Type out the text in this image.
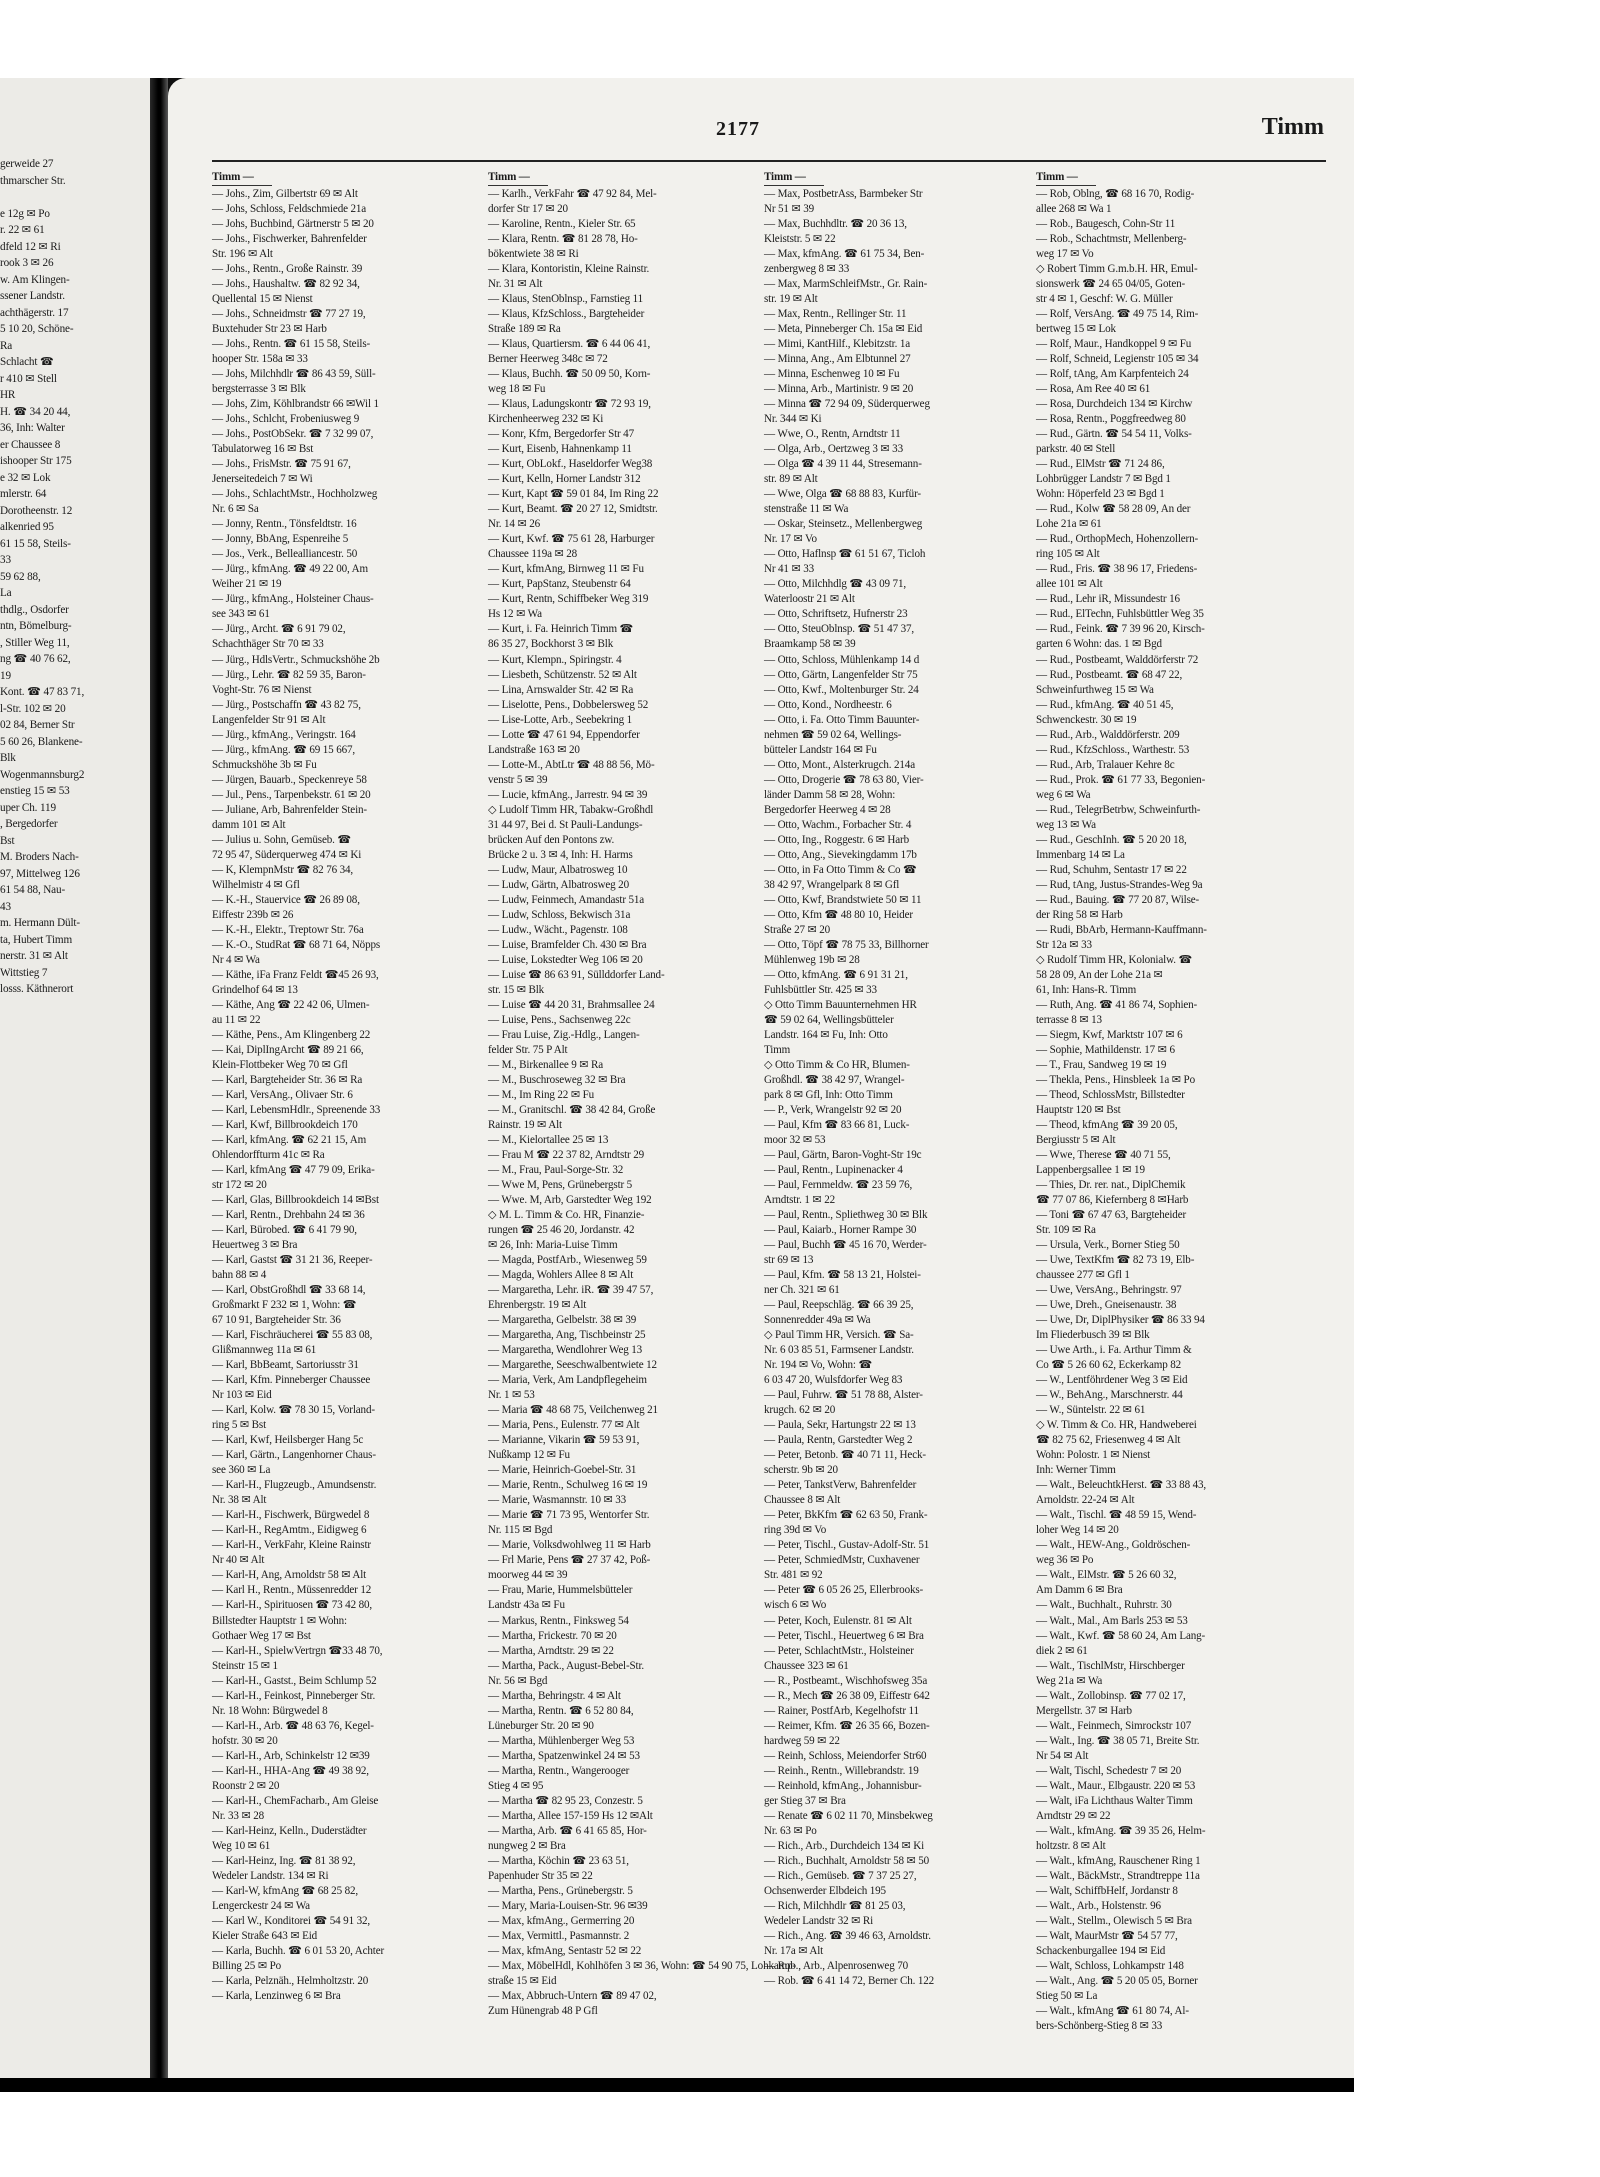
gerweide 27
thmarscher Str.

e 12g ✉ Po
r. 22 ✉ 61
dfeld 12 ✉ Ri
rook 3 ✉ 26
w. Am Klingen-
ssener Landstr.
achthägerstr. 17
5 10 20, Schöne-
Ra
Schlacht ☎
r 410 ✉ Stell
HR
H. ☎ 34 20 44,
36, Inh: Walter
er Chaussee 8
ishooper Str 175
e 32 ✉ Lok
mlerstr. 64
Dorotheenstr. 12
alkenried 95
61 15 58, Steils-
33
59 62 88,
La
thdlg., Osdorfer
ntn, Bömelburg-
, Stiller Weg 11,
ng ☎ 40 76 62,
19
Kont. ☎ 47 83 71,
l-Str. 102 ✉ 20
02 84, Berner Str
5 60 26, Blankene-
Blk
Wogenmannsburg2
enstieg 15 ✉ 53
uper Ch. 119
, Bergedorfer
Bst
M. Broders Nach-
97, Mittelweg 126
61 54 88, Nau-
43
m. Hermann Dült-
ta, Hubert Timm
nerstr. 31 ✉ Alt
Wittstieg 7
losss. Käthnerort
2177	Timm
Timm —
— Johs., Zim, Gilbertstr 69 ✉ Alt
— Johs, Schloss, Feldschmiede 21a
— Johs, Buchbind, Gärtnerstr 5 ✉ 20
— Johs., Fischwerker, Bahrenfelder
Str. 196 ✉ Alt
— Johs., Rentn., Große Rainstr. 39
— Johs., Haushaltw. ☎ 82 92 34,
Quellental 15 ✉ Nienst
— Johs., Schneidmstr ☎ 77 27 19,
Buxtehuder Str 23 ✉ Harb
— Johs., Rentn. ☎ 61 15 58, Steils-
hooper Str. 158a ✉ 33
— Johs, Milchhdlr ☎ 86 43 59, Süll-
bergsterrasse 3 ✉ Blk
— Johs, Zim, Köhlbrandstr 66 ✉Wil 1
— Johs., Schlcht, Frobeniusweg 9
— Johs., PostObSekr. ☎ 7 32 99 07,
Tabulatorweg 16 ✉ Bst
— Johs., FrisMstr. ☎ 75 91 67,
Jenerseitedeich 7 ✉ Wi
— Johs., SchlachtMstr., Hochholzweg
Nr. 6 ✉ Sa
— Jonny, Rentn., Tönsfeldtstr. 16
— Jonny, BbAng, Espenreihe 5
— Jos., Verk., Bellealliancestr. 50
— Jürg., kfmAng. ☎ 49 22 00, Am
Weiher 21 ✉ 19
— Jürg., kfmAng., Holsteiner Chaus-
see 343 ✉ 61
— Jürg., Archt. ☎ 6 91 79 02,
Schachthäger Str 70 ✉ 33
— Jürg., HdlsVertr., Schmuckshöhe 2b
— Jürg., Lehr. ☎ 82 59 35, Baron-
Voght-Str. 76 ✉ Nienst
— Jürg., Postschaffn ☎ 43 82 75,
Langenfelder Str 91 ✉ Alt
— Jürg., kfmAng., Veringstr. 164
— Jürg., kfmAng. ☎ 69 15 667,
Schmuckshöhe 3b ✉ Fu
— Jürgen, Bauarb., Speckenreye 58
— Jul., Pens., Tarpenbekstr. 61 ✉ 20
— Juliane, Arb, Bahrenfelder Stein-
damm 101 ✉ Alt
— Julius u. Sohn, Gemüseb. ☎
72 95 47, Süderquerweg 474 ✉ Ki
— K, KlempnMstr ☎ 82 76 34,
Wilhelmistr 4 ✉ Gfl
— K.-H., Stauervice ☎ 26 89 08,
Eiffestr 239b ✉ 26
— K.-H., Elektr., Treptowr Str. 76a
— K.-O., StudRat ☎ 68 71 64, Nöpps
Nr 4 ✉ Wa
— Käthe, iFa Franz Feldt ☎45 26 93,
Grindelhof 64 ✉ 13
— Käthe, Ang ☎ 22 42 06, Ulmen-
au 11 ✉ 22
— Käthe, Pens., Am Klingenberg 22
— Kai, DiplIngArcht ☎ 89 21 66,
Klein-Flottbeker Weg 70 ✉ Gfl
— Karl, Bargteheider Str. 36 ✉ Ra
— Karl, VersAng., Olivaer Str. 6
— Karl, LebensmHdlr., Spreenende 33
— Karl, Kwf, Billbrookdeich 170
— Karl, kfmAng. ☎ 62 21 15, Am
Ohlendorffturm 41c ✉ Ra
— Karl, kfmAng ☎ 47 79 09, Erika-
str 172 ✉ 20
— Karl, Glas, Billbrookdeich 14 ✉Bst
— Karl, Rentn., Drehbahn 24 ✉ 36
— Karl, Bürobed. ☎ 6 41 79 90,
Heuertweg 3 ✉ Bra
— Karl, Gastst ☎ 31 21 36, Reeper-
bahn 88 ✉ 4
— Karl, ObstGroßhdl ☎ 33 68 14,
Großmarkt F 232 ✉ 1, Wohn: ☎
67 10 91, Bargteheider Str. 36
— Karl, Fischräucherei ☎ 55 83 08,
Glißmannweg 11a ✉ 61
— Karl, BbBeamt, Sartoriusstr 31
— Karl, Kfm. Pinneberger Chaussee
Nr 103 ✉ Eid
— Karl, Kolw. ☎ 78 30 15, Vorland-
ring 5 ✉ Bst
— Karl, Kwf, Heilsberger Hang 5c
— Karl, Gärtn., Langenhorner Chaus-
see 360 ✉ La
— Karl-H., Flugzeugb., Amundsenstr.
Nr. 38 ✉ Alt
— Karl-H., Fischwerk, Bürgwedel 8
— Karl-H., RegAmtm., Eidigweg 6
— Karl-H., VerkFahr, Kleine Rainstr
Nr 40 ✉ Alt
— Karl-H, Ang, Arnoldstr 58 ✉ Alt
— Karl H., Rentn., Müssenredder 12
— Karl-H., Spirituosen ☎ 73 42 80,
Billstedter Hauptstr 1 ✉ Wohn:
Gothaer Weg 17 ✉ Bst
— Karl-H., SpielwVertrgn ☎33 48 70,
Steinstr 15 ✉ 1
— Karl-H., Gastst., Beim Schlump 52
— Karl-H., Feinkost, Pinneberger Str.
Nr. 18 Wohn: Bürgwedel 8
— Karl-H., Arb. ☎ 48 63 76, Kegel-
hofstr. 30 ✉ 20
— Karl-H., Arb, Schinkelstr 12 ✉39
— Karl-H., HHA-Ang ☎ 49 38 92,
Roonstr 2 ✉ 20
— Karl-H., ChemFacharb., Am Gleise
Nr. 33 ✉ 28
— Karl-Heinz, Kelln., Duderstädter
Weg 10 ✉ 61
— Karl-Heinz, Ing. ☎ 81 38 92,
Wedeler Landstr. 134 ✉ Ri
— Karl-W, kfmAng ☎ 68 25 82,
Lengerckestr 24 ✉ Wa
— Karl W., Konditorei ☎ 54 91 32,
Kieler Straße 643 ✉ Eid
— Karla, Buchh. ☎ 6 01 53 20, Achter
Billing 25 ✉ Po
— Karla, Pelznäh., Helmholtzstr. 20
— Karla, Lenzinweg 6 ✉ Bra
Timm —
— Karlh., VerkFahr ☎ 47 92 84, Mel-
dorfer Str 17 ✉ 20
— Karoline, Rentn., Kieler Str. 65
— Klara, Rentn. ☎ 81 28 78, Ho-
bökentwiete 38 ✉ Ri
— Klara, Kontoristin, Kleine Rainstr.
Nr. 31 ✉ Alt
— Klaus, StenOblnsp., Farnstieg 11
— Klaus, KfzSchloss., Bargteheider
Straße 189 ✉ Ra
— Klaus, Quartiersm. ☎ 6 44 06 41,
Berner Heerweg 348c ✉ 72
— Klaus, Buchh. ☎ 50 09 50, Korn-
weg 18 ✉ Fu
— Klaus, Ladungskontr ☎ 72 93 19,
Kirchenheerweg 232 ✉ Ki
— Konr, Kfm, Bergedorfer Str 47
— Kurt, Eisenb, Hahnenkamp 11
— Kurt, ObLokf., Haseldorfer Weg38
— Kurt, Kelln, Horner Landstr 312
— Kurt, Kapt ☎ 59 01 84, Im Ring 22
— Kurt, Beamt. ☎ 20 27 12, Smidtstr.
Nr. 14 ✉ 26
— Kurt, Kwf. ☎ 75 61 28, Harburger
Chaussee 119a ✉ 28
— Kurt, kfmAng, Birnweg 11 ✉ Fu
— Kurt, PapStanz, Steubenstr 64
— Kurt, Rentn, Schiffbeker Weg 319
Hs 12 ✉ Wa
— Kurt, i. Fa. Heinrich Timm ☎
86 35 27, Bockhorst 3 ✉ Blk
— Kurt, Klempn., Spiringstr. 4
— Liesbeth, Schützenstr. 52 ✉ Alt
— Lina, Arnswalder Str. 42 ✉ Ra
— Liselotte, Pens., Dobbelersweg 52
— Lise-Lotte, Arb., Seebekring 1
— Lotte ☎ 47 61 94, Eppendorfer
Landstraße 163 ✉ 20
— Lotte-M., AbtLtr ☎ 48 88 56, Mö-
venstr 5 ✉ 39
— Lucie, kfmAng., Jarrestr. 94 ✉ 39
◇ Ludolf Timm HR, Tabakw-Großhdl
31 44 97, Bei d. St Pauli-Landungs-
brücken Auf den Pontons zw.
Brücke 2 u. 3 ✉ 4, Inh: H. Harms
— Ludw, Maur, Albatrosweg 10
— Ludw, Gärtn, Albatrosweg 20
— Ludw, Feinmech, Amandastr 51a
— Ludw, Schloss, Bekwisch 31a
— Ludw., Wächt., Pagenstr. 108
— Luise, Bramfelder Ch. 430 ✉ Bra
— Luise, Lokstedter Weg 106 ✉ 20
— Luise ☎ 86 63 91, Süllddorfer Land-
str. 15 ✉ Blk
— Luise ☎ 44 20 31, Brahmsallee 24
— Luise, Pens., Sachsenweg 22c
— Frau Luise, Zig.-Hdlg., Langen-
felder Str. 75 P Alt
— M., Birkenallee 9 ✉ Ra
— M., Buschroseweg 32 ✉ Bra
— M., Im Ring 22 ✉ Fu
— M., Granitschl. ☎ 38 42 84, Große
Rainstr. 19 ✉ Alt
— M., Kielortallee 25 ✉ 13
— Frau M ☎ 22 37 82, Arndtstr 29
— M., Frau, Paul-Sorge-Str. 32
— Wwe M, Pens, Grünebergstr 5
— Wwe. M, Arb, Garstedter Weg 192
◇ M. L. Timm & Co. HR, Finanzie-
rungen ☎ 25 46 20, Jordanstr. 42
✉ 26, Inh: Maria-Luise Timm
— Magda, PostfArb., Wiesenweg 59
— Magda, Wohlers Allee 8 ✉ Alt
— Margaretha, Lehr. iR. ☎ 39 47 57,
Ehrenbergstr. 19 ✉ Alt
— Margaretha, Gelbelstr. 38 ✉ 39
— Margaretha, Ang, Tischbeinstr 25
— Margaretha, Wendlohrer Weg 13
— Margarethe, Seeschwalbentwiete 12
— Maria, Verk, Am Landpflegeheim
Nr. 1 ✉ 53
— Maria ☎ 48 68 75, Veilchenweg 21
— Maria, Pens., Eulenstr. 77 ✉ Alt
— Marianne, Vikarin ☎ 59 53 91,
Nußkamp 12 ✉ Fu
— Marie, Heinrich-Goebel-Str. 31
— Marie, Rentn., Schulweg 16 ✉ 19
— Marie, Wasmannstr. 10 ✉ 33
— Marie ☎ 71 73 95, Wentorfer Str.
Nr. 115 ✉ Bgd
— Marie, Volksdwohlweg 11 ✉ Harb
— Frl Marie, Pens ☎ 27 37 42, Poß-
moorweg 44 ✉ 39
— Frau, Marie, Hummelsbütteler
Landstr 43a ✉ Fu
— Markus, Rentn., Finksweg 54
— Martha, Frickestr. 70 ✉ 20
— Martha, Arndtstr. 29 ✉ 22
— Martha, Pack., August-Bebel-Str.
Nr. 56 ✉ Bgd
— Martha, Behringstr. 4 ✉ Alt
— Martha, Rentn. ☎ 6 52 80 84,
Lüneburger Str. 20 ✉ 90
— Martha, Mühlenberger Weg 53
— Martha, Spatzenwinkel 24 ✉ 53
— Martha, Rentn., Wangerooger
Stieg 4 ✉ 95
— Martha ☎ 82 95 23, Conzestr. 5
— Martha, Allee 157-159 Hs 12 ✉Alt
— Martha, Arb. ☎ 6 41 65 85, Hor-
nungweg 2 ✉ Bra
— Martha, Köchin ☎ 23 63 51,
Papenhuder Str 35 ✉ 22
— Martha, Pens., Grünebergstr. 5
— Mary, Maria-Louisen-Str. 96 ✉39
— Max, kfmAng., Germerring 20
— Max, Vermittl., Pasmannstr. 2
— Max, kfmAng, Sentastr 52 ✉ 22
— Max, MöbelHdl, Kohlhöfen 3 ✉ 36, Wohn: ☎ 54 90 75, Lohkamp-
straße 15 ✉ Eid
— Max, Abbruch-Untern ☎ 89 47 02,
Zum Hünengrab 48 P Gfl
Timm —
— Max, PostbetrAss, Barmbeker Str
Nr 51 ✉ 39
— Max, Buchhdltr. ☎ 20 36 13,
Kleiststr. 5 ✉ 22
— Max, kfmAng. ☎ 61 75 34, Ben-
zenbergweg 8 ✉ 33
— Max, MarmSchleifMstr., Gr. Rain-
str. 19 ✉ Alt
— Max, Rentn., Rellinger Str. 11
— Meta, Pinneberger Ch. 15a ✉ Eid
— Mimi, KantHilf., Klebitzstr. 1a
— Minna, Ang., Am Elbtunnel 27
— Minna, Eschenweg 10 ✉ Fu
— Minna, Arb., Martinistr. 9 ✉ 20
— Minna ☎ 72 94 09, Süderquerweg
Nr. 344 ✉ Ki
— Wwe, O., Rentn, Arndtstr 11
— Olga, Arb., Oertzweg 3 ✉ 33
— Olga ☎ 4 39 11 44, Stresemann-
str. 89 ✉ Alt
— Wwe, Olga ☎ 68 88 83, Kurfür-
stenstraße 11 ✉ Wa
— Oskar, Steinsetz., Mellenbergweg
Nr. 17 ✉ Vo
— Otto, Haflnsp ☎ 61 51 67, Ticloh
Nr 41 ✉ 33
— Otto, Milchhdlg ☎ 43 09 71,
Waterloostr 21 ✉ Alt
— Otto, Schriftsetz, Hufnerstr 23
— Otto, SteuOblnsp. ☎ 51 47 37,
Braamkamp 58 ✉ 39
— Otto, Schloss, Mühlenkamp 14 d
— Otto, Gärtn, Langenfelder Str 75
— Otto, Kwf., Moltenburger Str. 24
— Otto, Kond., Nordheestr. 6
— Otto, i. Fa. Otto Timm Bauunter-
nehmen ☎ 59 02 64, Wellings-
bütteler Landstr 164 ✉ Fu
— Otto, Mont., Alsterkrugch. 214a
— Otto, Drogerie ☎ 78 63 80, Vier-
länder Damm 58 ✉ 28, Wohn:
Bergedorfer Heerweg 4 ✉ 28
— Otto, Wachm., Forbacher Str. 4
— Otto, Ing., Roggestr. 6 ✉ Harb
— Otto, Ang., Sievekingdamm 17b
— Otto, in Fa Otto Timm & Co ☎
38 42 97, Wrangelpark 8 ✉ Gfl
— Otto, Kwf, Brandstwiete 50 ✉ 11
— Otto, Kfm ☎ 48 80 10, Heider
Straße 27 ✉ 20
— Otto, Töpf ☎ 78 75 33, Billhorner
Mühlenweg 19b ✉ 28
— Otto, kfmAng. ☎ 6 91 31 21,
Fuhlsbüttler Str. 425 ✉ 33
◇ Otto Timm Bauunternehmen HR
☎ 59 02 64, Wellingsbütteler
Landstr. 164 ✉ Fu, Inh: Otto
Timm
◇ Otto Timm & Co HR, Blumen-
Großhdl. ☎ 38 42 97, Wrangel-
park 8 ✉ Gfl, Inh: Otto Timm
— P., Verk, Wrangelstr 92 ✉ 20
— Paul, Kfm ☎ 83 66 81, Luck-
moor 32 ✉ 53
— Paul, Gärtn, Baron-Voght-Str 19c
— Paul, Rentn., Lupinenacker 4
— Paul, Fernmeldw. ☎ 23 59 76,
Arndtstr. 1 ✉ 22
— Paul, Rentn., Spliethweg 30 ✉ Blk
— Paul, Kaiarb., Horner Rampe 30
— Paul, Buchh ☎ 45 16 70, Werder-
str 69 ✉ 13
— Paul, Kfm. ☎ 58 13 21, Holstei-
ner Ch. 321 ✉ 61
— Paul, Reepschläg. ☎ 66 39 25,
Sonnenredder 49a ✉ Wa
◇ Paul Timm HR, Versich. ☎ Sa-
Nr. 6 03 85 51, Farmsener Landstr.
Nr. 194 ✉ Vo, Wohn: ☎
6 03 47 20, Wulsfdorfer Weg 83
— Paul, Fuhrw. ☎ 51 78 88, Alster-
krugch. 62 ✉ 20
— Paula, Sekr, Hartungstr 22 ✉ 13
— Paula, Rentn, Garstedter Weg 2
— Peter, Betonb. ☎ 40 71 11, Heck-
scherstr. 9b ✉ 20
— Peter, TankstVerw, Bahrenfelder
Chaussee 8 ✉ Alt
— Peter, BkKfm ☎ 62 63 50, Frank-
ring 39d ✉ Vo
— Peter, Tischl., Gustav-Adolf-Str. 51
— Peter, SchmiedMstr, Cuxhavener
Str. 481 ✉ 92
— Peter ☎ 6 05 26 25, Ellerbrooks-
wisch 6 ✉ Wo
— Peter, Koch, Eulenstr. 81 ✉ Alt
— Peter, Tischl., Heuertweg 6 ✉ Bra
— Peter, SchlachtMstr., Holsteiner
Chaussee 323 ✉ 61
— R., Postbeamt., Wischhofsweg 35a
— R., Mech ☎ 26 38 09, Eiffestr 642
— Rainer, PostfArb, Kegelhofstr 11
— Reimer, Kfm. ☎ 26 35 66, Bozen-
hardweg 59 ✉ 22
— Reinh, Schloss, Meiendorfer Str60
— Reinh., Rentn., Willebrandstr. 19
— Reinhold, kfmAng., Johannisbur-
ger Stieg 37 ✉ Bra
— Renate ☎ 6 02 11 70, Minsbekweg
Nr. 63 ✉ Po
— Rich., Arb., Durchdeich 134 ✉ Ki
— Rich., Buchhalt, Arnoldstr 58 ✉ 50
— Rich., Gemüseb. ☎ 7 37 25 27,
Ochsenwerder Elbdeich 195
— Rich, Milchhdlr ☎ 81 25 03,
Wedeler Landstr 32 ✉ Ri
— Rich., Ang. ☎ 39 46 63, Arnoldstr.
Nr. 17a ✉ Alt
— Rob., Arb., Alpenrosenweg 70
— Rob. ☎ 6 41 14 72, Berner Ch. 122
Timm —
— Rob, Oblng, ☎ 68 16 70, Rodig-
allee 268 ✉ Wa 1
— Rob., Baugesch, Cohn-Str 11
— Rob., Schachtmstr, Mellenberg-
weg 17 ✉ Vo
◇ Robert Timm G.m.b.H. HR, Emul-
sionswerk ☎ 24 65 04/05, Goten-
str 4 ✉ 1, Geschf: W. G. Müller
— Rolf, VersAng. ☎ 49 75 14, Rim-
bertweg 15 ✉ Lok
— Rolf, Maur., Handkoppel 9 ✉ Fu
— Rolf, Schneid, Legienstr 105 ✉ 34
— Rolf, tAng, Am Karpfenteich 24
— Rosa, Am Ree 40 ✉ 61
— Rosa, Durchdeich 134 ✉ Kirchw
— Rosa, Rentn., Poggfreedweg 80
— Rud., Gärtn. ☎ 54 54 11, Volks-
parkstr. 40 ✉ Stell
— Rud., ElMstr ☎ 71 24 86,
Lohbrügger Landstr 7 ✉ Bgd 1
Wohn: Höperfeld 23 ✉ Bgd 1
— Rud., Kolw ☎ 58 28 09, An der
Lohe 21a ✉ 61
— Rud., OrthopMech, Hohenzollern-
ring 105 ✉ Alt
— Rud., Fris. ☎ 38 96 17, Friedens-
allee 101 ✉ Alt
— Rud., Lehr iR, Missundestr 16
— Rud., ElTechn, Fuhlsbüttler Weg 35
— Rud., Feink. ☎ 7 39 96 20, Kirsch-
garten 6 Wohn: das. 1 ✉ Bgd
— Rud., Postbeamt, Walddörferstr 72
— Rud., Postbeamt. ☎ 68 47 22,
Schweinfurthweg 15 ✉ Wa
— Rud., kfmAng. ☎ 40 51 45,
Schwenckestr. 30 ✉ 19
— Rud., Arb., Walddörferstr. 209
— Rud., KfzSchloss., Warthestr. 53
— Rud., Arb, Tralauer Kehre 8c
— Rud., Prok. ☎ 61 77 33, Begonien-
weg 6 ✉ Wa
— Rud., TelegrBetrbw, Schweinfurth-
weg 13 ✉ Wa
— Rud., GeschInh. ☎ 5 20 20 18,
Immenbarg 14 ✉ La
— Rud, Schuhm, Sentastr 17 ✉ 22
— Rud, tAng, Justus-Strandes-Weg 9a
— Rud., Bauing. ☎ 77 20 87, Wilse-
der Ring 58 ✉ Harb
— Rudi, BbArb, Hermann-Kauffmann-
Str 12a ✉ 33
◇ Rudolf Timm HR, Kolonialw. ☎
58 28 09, An der Lohe 21a ✉
61, Inh: Hans-R. Timm
— Ruth, Ang. ☎ 41 86 74, Sophien-
terrasse 8 ✉ 13
— Siegm, Kwf, Marktstr 107 ✉ 6
— Sophie, Mathildenstr. 17 ✉ 6
— T., Frau, Sandweg 19 ✉ 19
— Thekla, Pens., Hinsbleek 1a ✉ Po
— Theod, SchlossMstr, Billstedter
Hauptstr 120 ✉ Bst
— Theod, kfmAng ☎ 39 20 05,
Bergiusstr 5 ✉ Alt
— Wwe, Therese ☎ 40 71 55,
Lappenbergsallee 1 ✉ 19
— Thies, Dr. rer. nat., DiplChemik
☎ 77 07 86, Kiefernberg 8 ✉Harb
— Toni ☎ 67 47 63, Bargteheider
Str. 109 ✉ Ra
— Ursula, Verk., Borner Stieg 50
— Uwe, TextKfm ☎ 82 73 19, Elb-
chaussee 277 ✉ Gfl 1
— Uwe, VersAng., Behringstr. 97
— Uwe, Dreh., Gneisenaustr. 38
— Uwe, Dr, DiplPhysiker ☎ 86 33 94
Im Fliederbusch 39 ✉ Blk
— Uwe Arth., i. Fa. Arthur Timm &
Co ☎ 5 26 60 62, Eckerkamp 82
— W., Lentföhrdener Weg 3 ✉ Eid
— W., BehAng., Marschnerstr. 44
— W., Süntelstr. 22 ✉ 61
◇ W. Timm & Co. HR, Handweberei
☎ 82 75 62, Friesenweg 4 ✉ Alt
Wohn: Polostr. 1 ✉ Nienst
Inh: Werner Timm
— Walt., BeleuchtkHerst. ☎ 33 88 43,
Arnoldstr. 22-24 ✉ Alt
— Walt., Tischl. ☎ 48 59 15, Wend-
loher Weg 14 ✉ 20
— Walt., HEW-Ang., Goldröschen-
weg 36 ✉ Po
— Walt., ElMstr. ☎ 5 26 60 32,
Am Damm 6 ✉ Bra
— Walt., Buchhalt., Ruhrstr. 30
— Walt., Mal., Am Barls 253 ✉ 53
— Walt., Kwf. ☎ 58 60 24, Am Lang-
diek 2 ✉ 61
— Walt., TischlMstr, Hirschberger
Weg 21a ✉ Wa
— Walt., Zollobinsp. ☎ 77 02 17,
Mergellstr. 37 ✉ Harb
— Walt., Feinmech, Simrockstr 107
— Walt., Ing. ☎ 38 05 71, Breite Str.
Nr 54 ✉ Alt
— Walt, Tischl, Schedestr 7 ✉ 20
— Walt., Maur., Elbgaustr. 220 ✉ 53
— Walt, iFa Lichthaus Walter Timm
Arndtstr 29 ✉ 22
— Walt., kfmAng. ☎ 39 35 26, Helm-
holtzstr. 8 ✉ Alt
— Walt., kfmAng, Rauschener Ring 1
— Walt., BäckMstr., Strandtreppe 11a
— Walt, SchiffbHelf, Jordanstr 8
— Walt., Arb., Holstenstr. 96
— Walt., Stellm., Olewisch 5 ✉ Bra
— Walt, MaurMstr ☎ 54 57 77,
Schackenburgallee 194 ✉ Eid
— Walt, Schloss, Lohkampstr 148
— Walt., Ang. ☎ 5 20 05 05, Borner
Stieg 50 ✉ La
— Walt., kfmAng ☎ 61 80 74, Al-
bers-Schönberg-Stieg 8 ✉ 33
